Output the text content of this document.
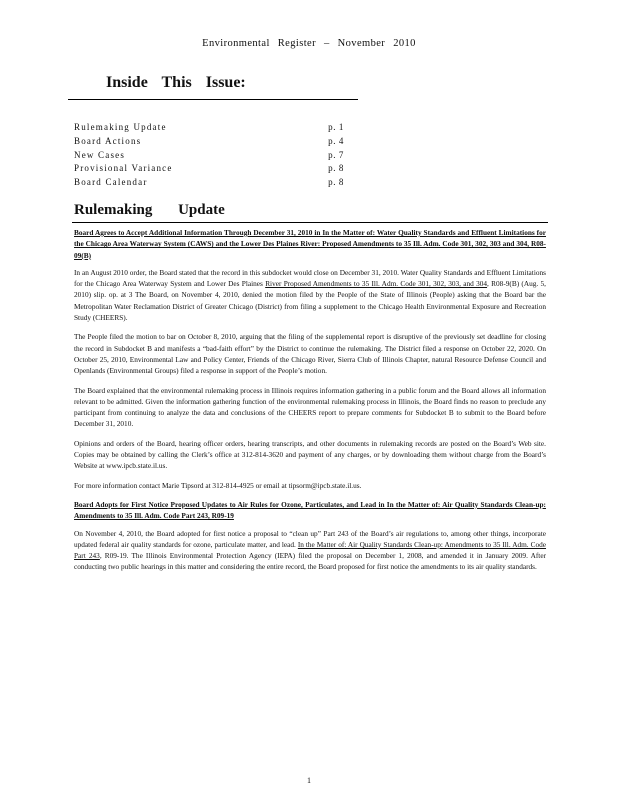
Environmental Register – November 2010
Inside This Issue:
Rulemaking Update	p. 1
Board Actions	p. 4
New Cases	p. 7
Provisional Variance	p. 8
Board Calendar	p. 8
Rulemaking Update
Board Agrees to Accept Additional Information Through December 31, 2010 in In the Matter of: Water Quality Standards and Effluent Limitations for the Chicago Area Waterway System (CAWS) and the Lower Des Plaines River: Proposed Amendments to 35 Ill. Adm. Code 301, 302, 303 and 304, R08-09(B)

In an August 2010 order, the Board stated that the record in this subdocket would close on December 31, 2010. Water Quality Standards and Effluent Limitations for the Chicago Area Waterway System and Lower Des Plaines River Proposed Amendments to 35 Ill. Adm. Code 301, 302, 303, and 304, R08-9(B) (Aug. 5, 2010) slip. op. at 3 The Board, on November 4, 2010, denied the motion filed by the People of the State of Illinois (People) asking that the Board bar the Metropolitan Water Reclamation District of Greater Chicago (District) from filing a supplement to the Chicago Health Environmental Exposure and Recreation Study (CHEERS).

The People filed the motion to bar on October 8, 2010, arguing that the filing of the supplemental report is disruptive of the previously set deadline for closing the record in Subdocket B and manifests a “bad-faith effort” by the District to continue the rulemaking. The District filed a response on October 22, 2020. On October 25, 2010, Environmental Law and Policy Center, Friends of the Chicago River, Sierra Club of Illinois Chapter, natural Resource Defense Council and Openlands (Environmental Groups) filed a response in support of the People’s motion.

The Board explained that the environmental rulemaking process in Illinois requires information gathering in a public forum and the Board allows all information relevant to be admitted. Given the information gathering function of the environmental rulemaking process in Illinois, the Board finds no reason to preclude any participant from continuing to analyze the data and conclusions of the CHEERS report to prepare comments for Subdocket B to submit to the Board before December 31, 2010.

Opinions and orders of the Board, hearing officer orders, hearing transcripts, and other documents in rulemaking records are posted on the Board’s Web site. Copies may be obtained by calling the Clerk’s office at 312-814-3620 and payment of any charges, or by downloading them without charge from the Board’s Website at www.ipcb.state.il.us.

For more information contact Marie Tipsord at 312-814-4925 or email at tipsorm@ipcb.state.il.us.

Board Adopts for First Notice Proposed Updates to Air Rules for Ozone, Particulates, and Lead in In the Matter of: Air Quality Standards Clean-up: Amendments to 35 Ill. Adm. Code Part 243, R09-19

On November 4, 2010, the Board adopted for first notice a proposal to “clean up” Part 243 of the Board’s air regulations to, among other things, incorporate updated federal air quality standards for ozone, particulate matter, and lead. In the Matter of: Air Quality Standards Clean-up: Amendments to 35 Ill. Adm. Code Part 243, R09-19. The Illinois Environmental Protection Agency (IEPA) filed the proposal on December 1, 2008, and amended it in January 2009. After conducting two public hearings in this matter and considering the entire record, the Board proposed for first notice the amendments to its air quality standards.

1
